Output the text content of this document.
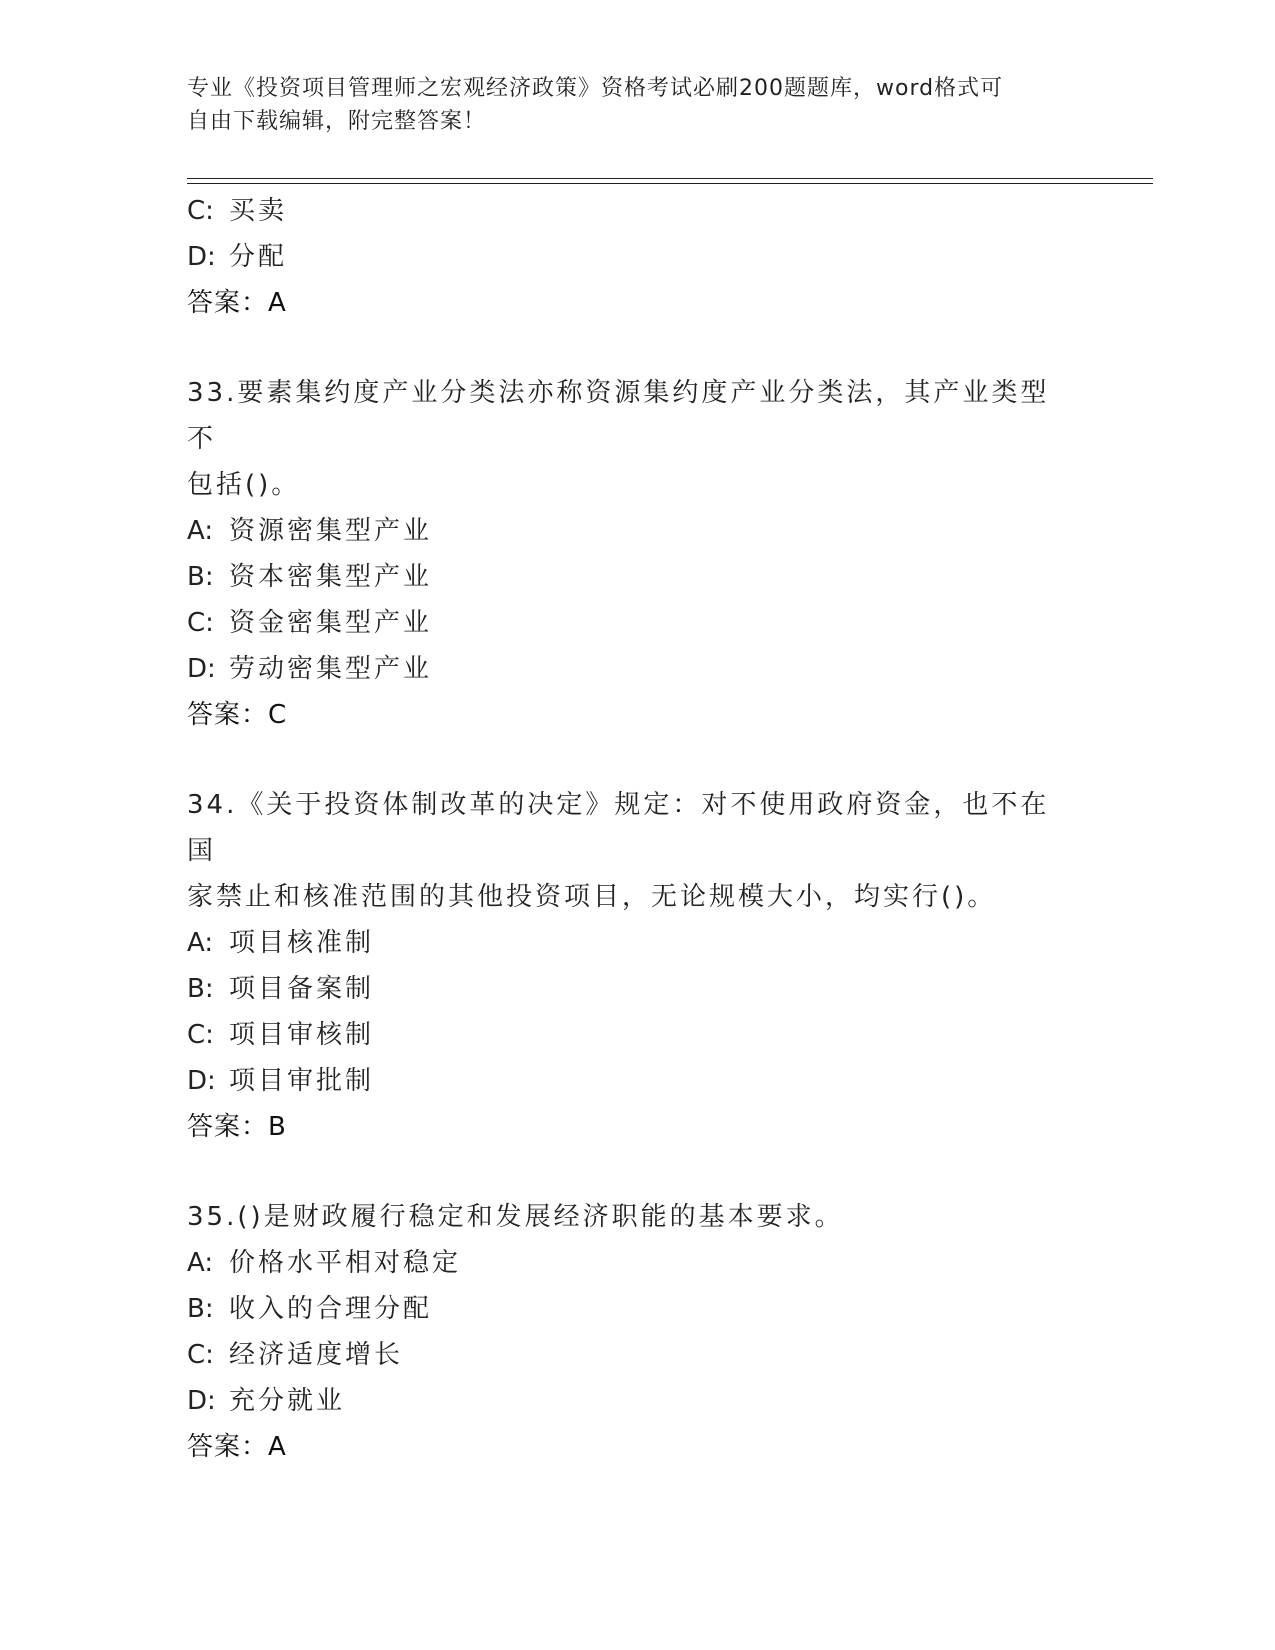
专业《投资项目管理师之宏观经济政策》资格考试必刷200题题库，word格式可
自由下载编辑，附完整答案！
C: 买卖
D: 分配
答案：A
33.要素集约度产业分类法亦称资源集约度产业分类法，其产业类型不
包括()。
A: 资源密集型产业
B: 资本密集型产业
C: 资金密集型产业
D: 劳动密集型产业
答案：C
34.《关于投资体制改革的决定》规定：对不使用政府资金，也不在国
家禁止和核准范围的其他投资项目，无论规模大小，均实行()。
A: 项目核准制
B: 项目备案制
C: 项目审核制
D: 项目审批制
答案：B
35.()是财政履行稳定和发展经济职能的基本要求。
A: 价格水平相对稳定
B: 收入的合理分配
C: 经济适度增长
D: 充分就业
答案：A
